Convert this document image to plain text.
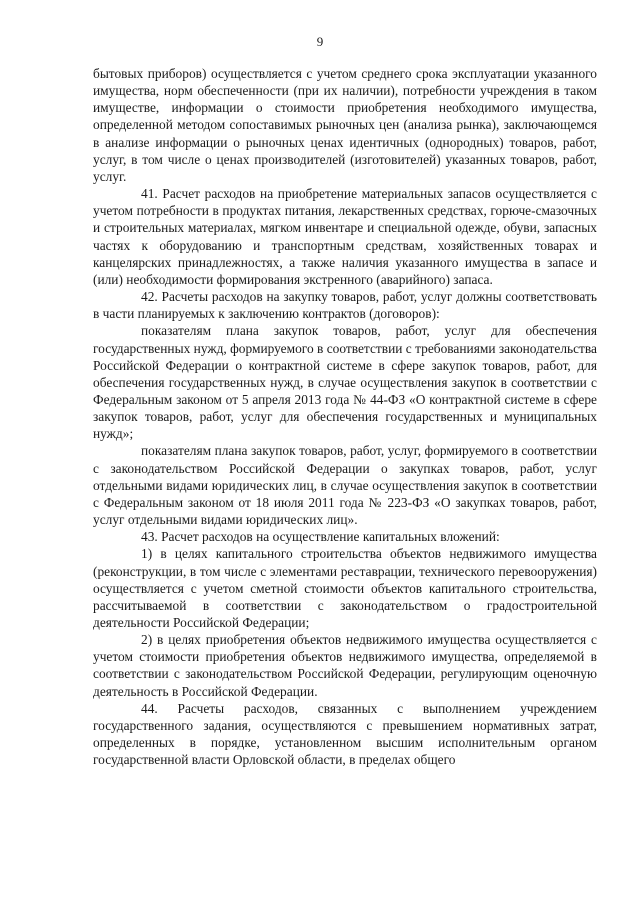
9

бытовых приборов) осуществляется с учетом среднего срока эксплуатации указанного имущества, норм обеспеченности (при их наличии), потребности учреждения в таком имуществе, информации о стоимости приобретения необходимого имущества, определенной методом сопоставимых рыночных цен (анализа рынка), заключающемся в анализе информации о рыночных ценах идентичных (однородных) товаров, работ, услуг, в том числе о ценах производителей (изготовителей) указанных товаров, работ, услуг.

41. Расчет расходов на приобретение материальных запасов осуществляется с учетом потребности в продуктах питания, лекарственных средствах, горюче-смазочных и строительных материалах, мягком инвентаре и специальной одежде, обуви, запасных частях к оборудованию и транспортным средствам, хозяйственных товарах и канцелярских принадлежностях, а также наличия указанного имущества в запасе и (или) необходимости формирования экстренного (аварийного) запаса.

42. Расчеты расходов на закупку товаров, работ, услуг должны соответствовать в части планируемых к заключению контрактов (договоров):

показателям плана закупок товаров, работ, услуг для обеспечения государственных нужд, формируемого в соответствии с требованиями законодательства Российской Федерации о контрактной системе в сфере закупок товаров, работ, для обеспечения государственных нужд, в случае осуществления закупок в соответствии с Федеральным законом от 5 апреля 2013 года № 44-ФЗ «О контрактной системе в сфере закупок товаров, работ, услуг для обеспечения государственных и муниципальных нужд»;

показателям плана закупок товаров, работ, услуг, формируемого в соответствии с законодательством Российской Федерации о закупках товаров, работ, услуг отдельными видами юридических лиц, в случае осуществления закупок в соответствии с Федеральным законом от 18 июля 2011 года № 223-ФЗ «О закупках товаров, работ, услуг отдельными видами юридических лиц».

43. Расчет расходов на осуществление капитальных вложений:

1) в целях капитального строительства объектов недвижимого имущества (реконструкции, в том числе с элементами реставрации, технического перевооружения) осуществляется с учетом сметной стоимости объектов капитального строительства, рассчитываемой в соответствии с законодательством о градостроительной деятельности Российской Федерации;

2) в целях приобретения объектов недвижимого имущества осуществляется с учетом стоимости приобретения объектов недвижимого имущества, определяемой в соответствии с законодательством Российской Федерации, регулирующим оценочную деятельность в Российской Федерации.

44. Расчеты расходов, связанных с выполнением учреждением государственного задания, осуществляются с превышением нормативных затрат, определенных в порядке, установленном высшим исполнительным органом государственной власти Орловской области, в пределах общего
